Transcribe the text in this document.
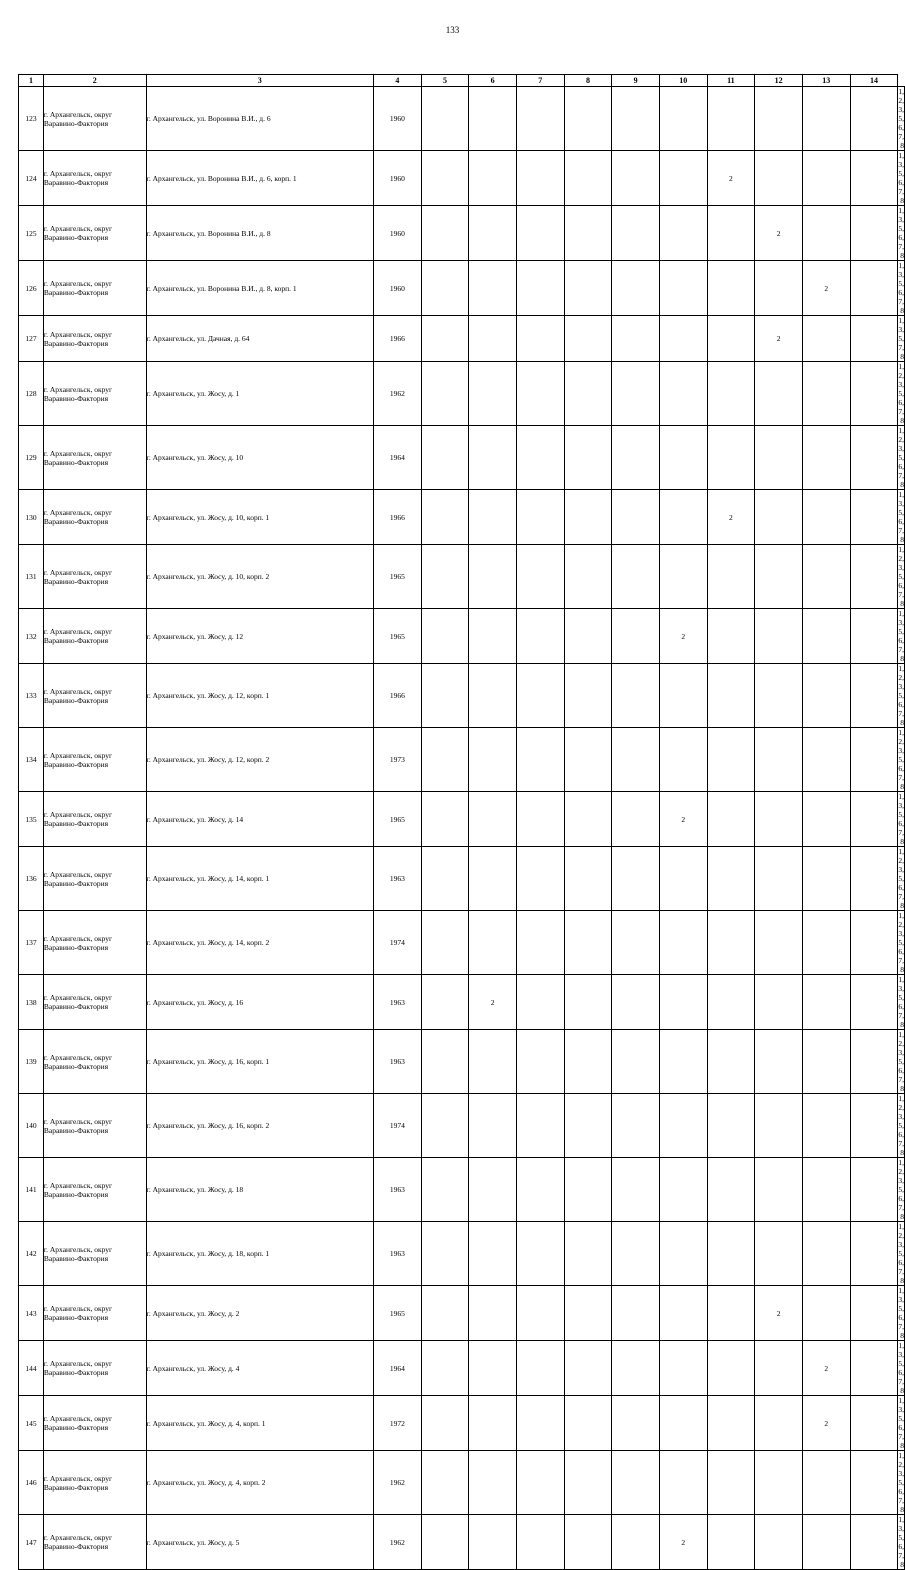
133
1	2	3	4	5	6	7	8	9	10	11	12	13	14	
123	г. Архангельск, округ
Варавино-Фактория	г. Архангельск, ул. Воронина В.И., д. 6	1960											1, 2, 3, 5, 6,
7, 8
124	г. Архангельск, округ
Варавино-Фактория	г. Архангельск, ул. Воронина В.И., д. 6, корп. 1	1960							2				1, 3, 5, 6, 7,
8
125	г. Архангельск, округ
Варавино-Фактория	г. Архангельск, ул. Воронина В.И., д. 8	1960								2			1, 3, 5, 6, 7,
8
126	г. Архангельск, округ
Варавино-Фактория	г. Архангельск, ул. Воронина В.И., д. 8, корп. 1	1960									2		1, 3, 5, 6, 7,
8
127	г. Архангельск, округ
Варавино-Фактория	г. Архангельск, ул. Дачная, д. 64	1966								2			1, 3, 5, 7, 8
128	г. Архангельск, округ
Варавино-Фактория	г. Архангельск, ул. Жосу, д. 1	1962											1, 2, 3, 5, 6,
7, 8
129	г. Архангельск, округ
Варавино-Фактория	г. Архангельск, ул. Жосу, д. 10	1964											1, 2, 3, 5, 6,
7, 8
130	г. Архангельск, округ
Варавино-Фактория	г. Архангельск, ул. Жосу, д. 10, корп. 1	1966							2				1, 3, 5, 6, 7,
8
131	г. Архангельск, округ
Варавино-Фактория	г. Архангельск, ул. Жосу, д. 10, корп. 2	1965											1, 2, 3, 5, 6,
7, 8
132	г. Архангельск, округ
Варавино-Фактория	г. Архангельск, ул. Жосу, д. 12	1965						2					1, 3, 5, 6, 7,
8
133	г. Архангельск, округ
Варавино-Фактория	г. Архангельск, ул. Жосу, д. 12, корп. 1	1966											1, 2, 3, 5, 6,
7, 8
134	г. Архангельск, округ
Варавино-Фактория	г. Архангельск, ул. Жосу, д. 12, корп. 2	1973											1, 2, 3, 5, 6,
7, 8
135	г. Архангельск, округ
Варавино-Фактория	г. Архангельск, ул. Жосу, д. 14	1965						2					1, 3, 5, 6, 7,
8
136	г. Архангельск, округ
Варавино-Фактория	г. Архангельск, ул. Жосу, д. 14, корп. 1	1963											1, 2, 3, 5, 6,
7, 8
137	г. Архангельск, округ
Варавино-Фактория	г. Архангельск, ул. Жосу, д. 14, корп. 2	1974											1, 2, 3, 5, 6,
7, 8
138	г. Архангельск, округ
Варавино-Фактория	г. Архангельск, ул. Жосу, д. 16	1963		2									1, 3, 5, 6, 7,
8
139	г. Архангельск, округ
Варавино-Фактория	г. Архангельск, ул. Жосу, д. 16, корп. 1	1963											1, 2, 3, 5, 6,
7, 8
140	г. Архангельск, округ
Варавино-Фактория	г. Архангельск, ул. Жосу, д. 16, корп. 2	1974											1, 2, 3, 5, 6,
7, 8
141	г. Архангельск, округ
Варавино-Фактория	г. Архангельск, ул. Жосу, д. 18	1963											1, 2, 3, 5, 6,
7, 8
142	г. Архангельск, округ
Варавино-Фактория	г. Архангельск, ул. Жосу, д. 18, корп. 1	1963											1, 2, 3, 5, 6,
7, 8
143	г. Архангельск, округ
Варавино-Фактория	г. Архангельск, ул. Жосу, д. 2	1965								2			1, 3, 5, 6, 7,
8
144	г. Архангельск, округ
Варавино-Фактория	г. Архангельск, ул. Жосу, д. 4	1964									2		1, 3, 5, 6, 7,
8
145	г. Архангельск, округ
Варавино-Фактория	г. Архангельск, ул. Жосу, д. 4, корп. 1	1972									2		1, 3, 5, 6, 7,
8
146	г. Архангельск, округ
Варавино-Фактория	г. Архангельск, ул. Жосу, д. 4, корп. 2	1962											1, 2, 3, 5, 6,
7, 8
147	г. Архангельск, округ
Варавино-Фактория	г. Архангельск, ул. Жосу, д. 5	1962						2					1, 3, 5, 6, 7,
8
